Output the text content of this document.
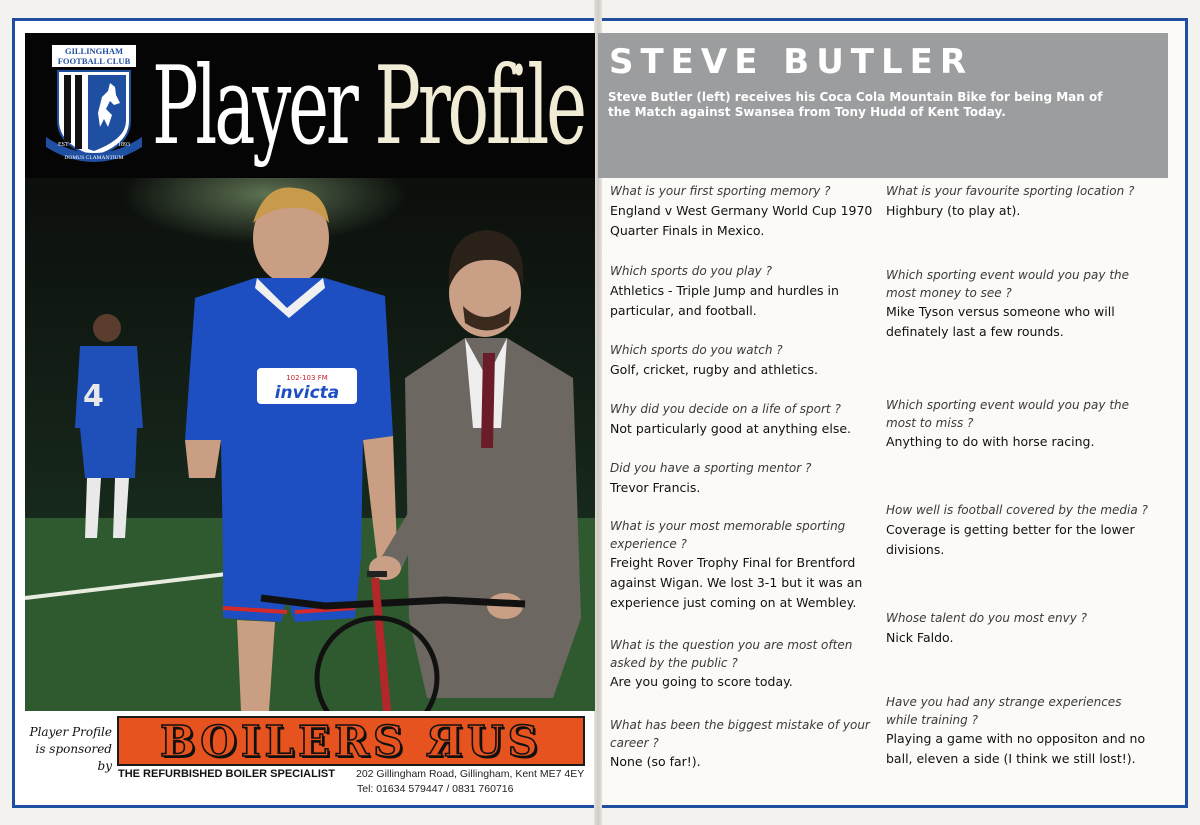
GILLINGHAM
FOOTBALL CLUB
EST	1893
DOMUS CLAMANTIUM Player Profile
4
102-103 FM
invicta
Player Profile is sponsored by
BOILERS ЯUS
THE REFURBISHED BOILER SPECIALIST 202 Gillingham Road, Gillingham, Kent ME7 4EY
Tel: 01634 579447 / 0831 760716
STEVE BUTLER
Steve Butler (left) receives his Coca Cola Mountain Bike for being Man of the Match against Swansea from Tony Hudd of Kent Today.
What is your first sporting memory ?
England v West Germany World Cup 1970 Quarter Finals in Mexico.
Which sports do you play ?
Athletics - Triple Jump and hurdles in particular, and football.
Which sports do you watch ?
Golf, cricket, rugby and athletics.
Why did you decide on a life of sport ?
Not particularly good at anything else.
Did you have a sporting mentor ?
Trevor Francis.
What is your most memorable sporting experience ?
Freight Rover Trophy Final for Brentford against Wigan. We lost 3-1 but it was an experience just coming on at Wembley.
What is the question you are most often asked by the public ?
Are you going to score today.
What has been the biggest mistake of your career ?
None (so far!).
What is your favourite sporting location ?
Highbury (to play at).
Which sporting event would you pay the most money to see ?
Mike Tyson versus someone who will definately last a few rounds.
Which sporting event would you pay the most to miss ?
Anything to do with horse racing.
How well is football covered by the media ?
Coverage is getting better for the lower divisions.
Whose talent do you most envy ?
Nick Faldo.
Have you had any strange experiences while training ?
Playing a game with no oppositon and no ball, eleven a side (I think we still lost!).
